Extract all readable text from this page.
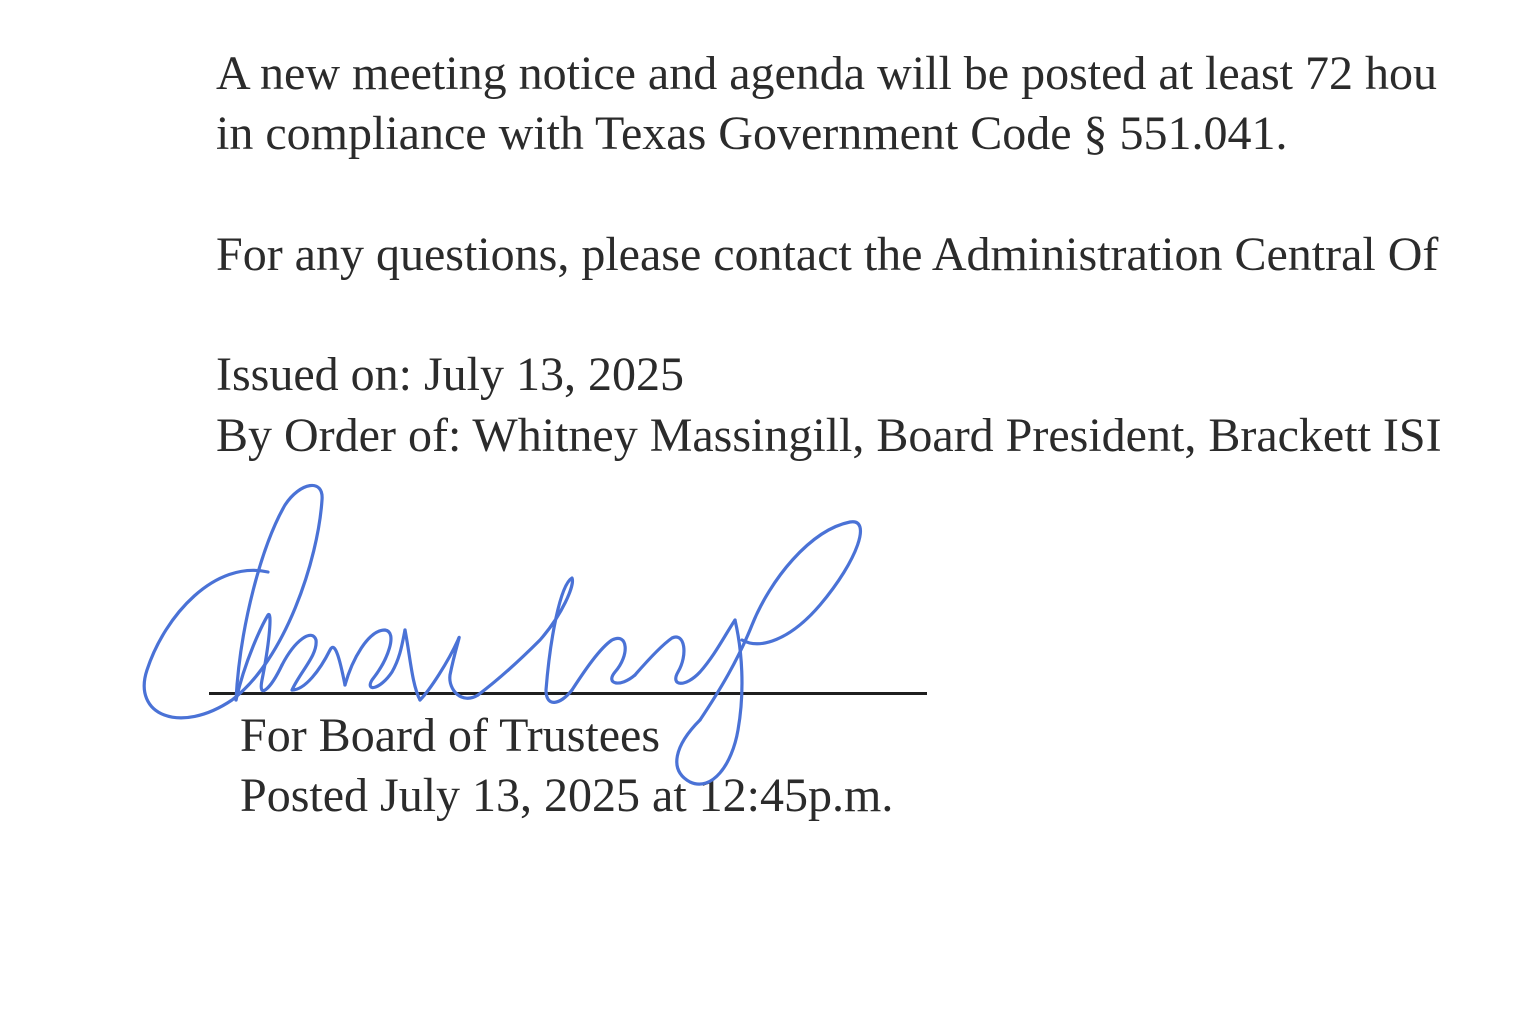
A new meeting notice and agenda will be posted at least 72 hou
in compliance with Texas Government Code § 551.041.
For any questions, please contact the Administration Central Of
Issued on: July 13, 2025
By Order of: Whitney Massingill, Board President, Brackett ISI
For Board of Trustees
Posted July 13, 2025 at 12:45p.m.
